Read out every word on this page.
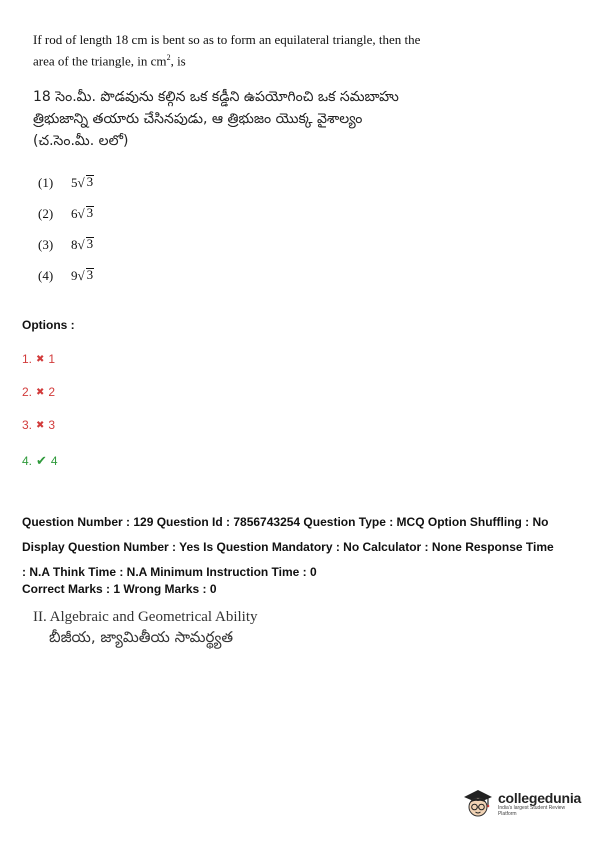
If rod of length 18 cm is bent so as to form an equilateral triangle, then the
area of the triangle, in $cm^2$, is
18 సెం.మీ. పొడవును కల్గిన ఒక కడ్డీని ఉపయోగించి ఒక సమబాహు
త్రిభుజాన్ని తయారు చేసినపుడు, ఆ త్రిభుజం యొక్క వైశాల్యం
(చ.సెం.మీ. లలో)
(1)	5 √ 3
(2)	6 √ 3
(3)	8 √ 3
(4)	9 √ 3
Options :
1. ✖ 1
2. ✖ 2
3. ✖ 3
4. ✔ 4
Question Number : 129 Question Id : 7856743254 Question Type : MCQ Option Shuffling : No
Display Question Number : Yes Is Question Mandatory : No Calculator : None Response Time
: N.A Think Time : N.A Minimum Instruction Time : 0
Correct Marks : 1 Wrong Marks : 0
II. Algebraic and Geometrical Ability
బీజీయ, జ్యామితీయ సామర్థ్యత
collegedunia
India's largest Student Review Platform
